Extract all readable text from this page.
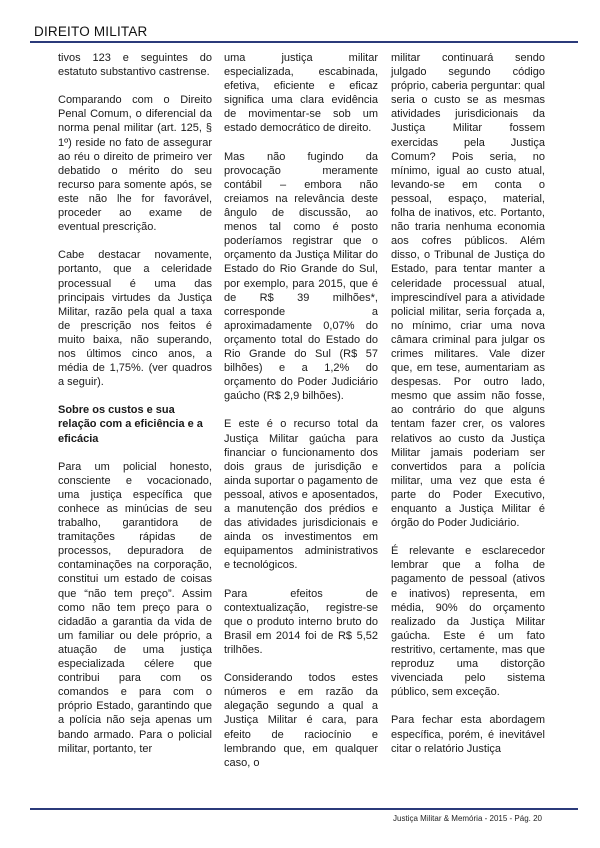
DIREITO MILITAR

tivos 123 e seguintes do estatuto substantivo castrense.

Comparando com o Direito Penal Comum, o diferencial da norma penal militar (art. 125, § 1º) reside no fato de assegurar ao réu o direito de primeiro ver debatido o mérito do seu recurso para somente após, se este não lhe for favorável, proceder ao exame de eventual prescrição.

Cabe destacar novamente, portanto, que a celeridade processual é uma das principais virtudes da Justiça Militar, razão pela qual a taxa de prescrição nos feitos é muito baixa, não superando, nos últimos cinco anos, a média de 1,75%. (ver quadros a seguir).

Sobre os custos e sua relação com a eficiência e a eficácia

Para um policial honesto, consciente e vocacionado, uma justiça específica que conhece as minúcias de seu trabalho, garantidora de tramitações rápidas de processos, depuradora de contaminações na corporação, constitui um estado de coisas que “não tem preço”. Assim como não tem preço para o cidadão a garantia da vida de um familiar ou dele próprio, a atuação de uma justiça especializada célere que contribui para com os comandos e para com o próprio Estado, garantindo que a polícia não seja apenas um bando armado. Para o policial militar, portanto, ter

uma justiça militar especializada, escabinada, efetiva, eficiente e eficaz significa uma clara evidência de movimentar-se sob um estado democrático de direito.

Mas não fugindo da provocação meramente contábil – embora não creiamos na relevância deste ângulo de discussão, ao menos tal como é posto poderíamos registrar que o orçamento da Justiça Militar do Estado do Rio Grande do Sul, por exemplo, para 2015, que é de R$ 39 milhões*, corresponde a aproximadamente 0,07% do orçamento total do Estado do Rio Grande do Sul (R$ 57 bilhões) e a 1,2% do orçamento do Poder Judiciário gaúcho (R$ 2,9 bilhões).

E este é o recurso total da Justiça Militar gaúcha para financiar o funcionamento dos dois graus de jurisdição e ainda suportar o pagamento de pessoal, ativos e aposentados, a manutenção dos prédios e das atividades jurisdicionais e ainda os investimentos em equipamentos administrativos e tecnológicos.

Para efeitos de contextualização, registre-se que o produto interno bruto do Brasil em 2014 foi de R$ 5,52 trilhões.

Considerando todos estes números e em razão da alegação segundo a qual a Justiça Militar é cara, para efeito de raciocínio e lembrando que, em qualquer caso, o

militar continuará sendo julgado segundo código próprio, caberia perguntar: qual seria o custo se as mesmas atividades jurisdicionais da Justiça Militar fossem exercidas pela Justiça Comum? Pois seria, no mínimo, igual ao custo atual, levando-se em conta o pessoal, espaço, material, folha de inativos, etc. Portanto, não traria nenhuma economia aos cofres públicos. Além disso, o Tribunal de Justiça do Estado, para tentar manter a celeridade processual atual, imprescindível para a atividade policial militar, seria forçada a, no mínimo, criar uma nova câmara criminal para julgar os crimes militares. Vale dizer que, em tese, aumentariam as despesas. Por outro lado, mesmo que assim não fosse, ao contrário do que alguns tentam fazer crer, os valores relativos ao custo da Justiça Militar jamais poderiam ser convertidos para a polícia militar, uma vez que esta é parte do Poder Executivo, enquanto a Justiça Militar é órgão do Poder Judiciário.

É relevante e esclarecedor lembrar que a folha de pagamento de pessoal (ativos e inativos) representa, em média, 90% do orçamento realizado da Justiça Militar gaúcha. Este é um fato restritivo, certamente, mas que reproduz uma distorção vivenciada pelo sistema público, sem exceção.

Para fechar esta abordagem específica, porém, é inevitável citar o relatório Justiça

Justiça Militar & Memória - 2015 - Pág. 20
